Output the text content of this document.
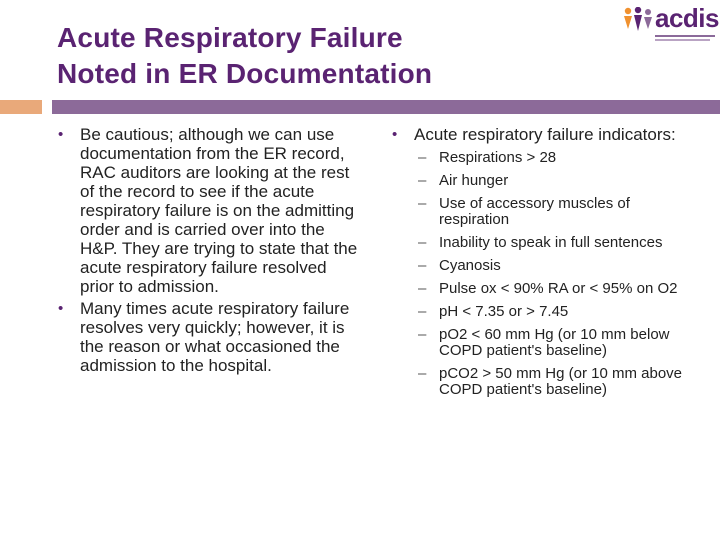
Acute Respiratory Failure
Noted in ER Documentation
acdis
• Be cautious; although we can use documentation from the ER record, RAC auditors are looking at the rest of the record to see if the acute respiratory failure is on the admitting order and is carried over into the H&P. They are trying to state that the acute respiratory failure resolved prior to admission.
• Many times acute respiratory failure resolves very quickly; however, it is the reason or what occasioned the admission to the hospital.
• Acute respiratory failure indicators:
– Respirations > 28
– Air hunger
– Use of accessory muscles of respiration
– Inability to speak in full sentences
– Cyanosis
– Pulse ox < 90% RA or < 95% on O2
– pH < 7.35 or > 7.45
– pO2 < 60 mm Hg (or 10 mm below COPD patient's baseline)
– pCO2 > 50 mm Hg (or 10 mm above COPD patient's baseline)
